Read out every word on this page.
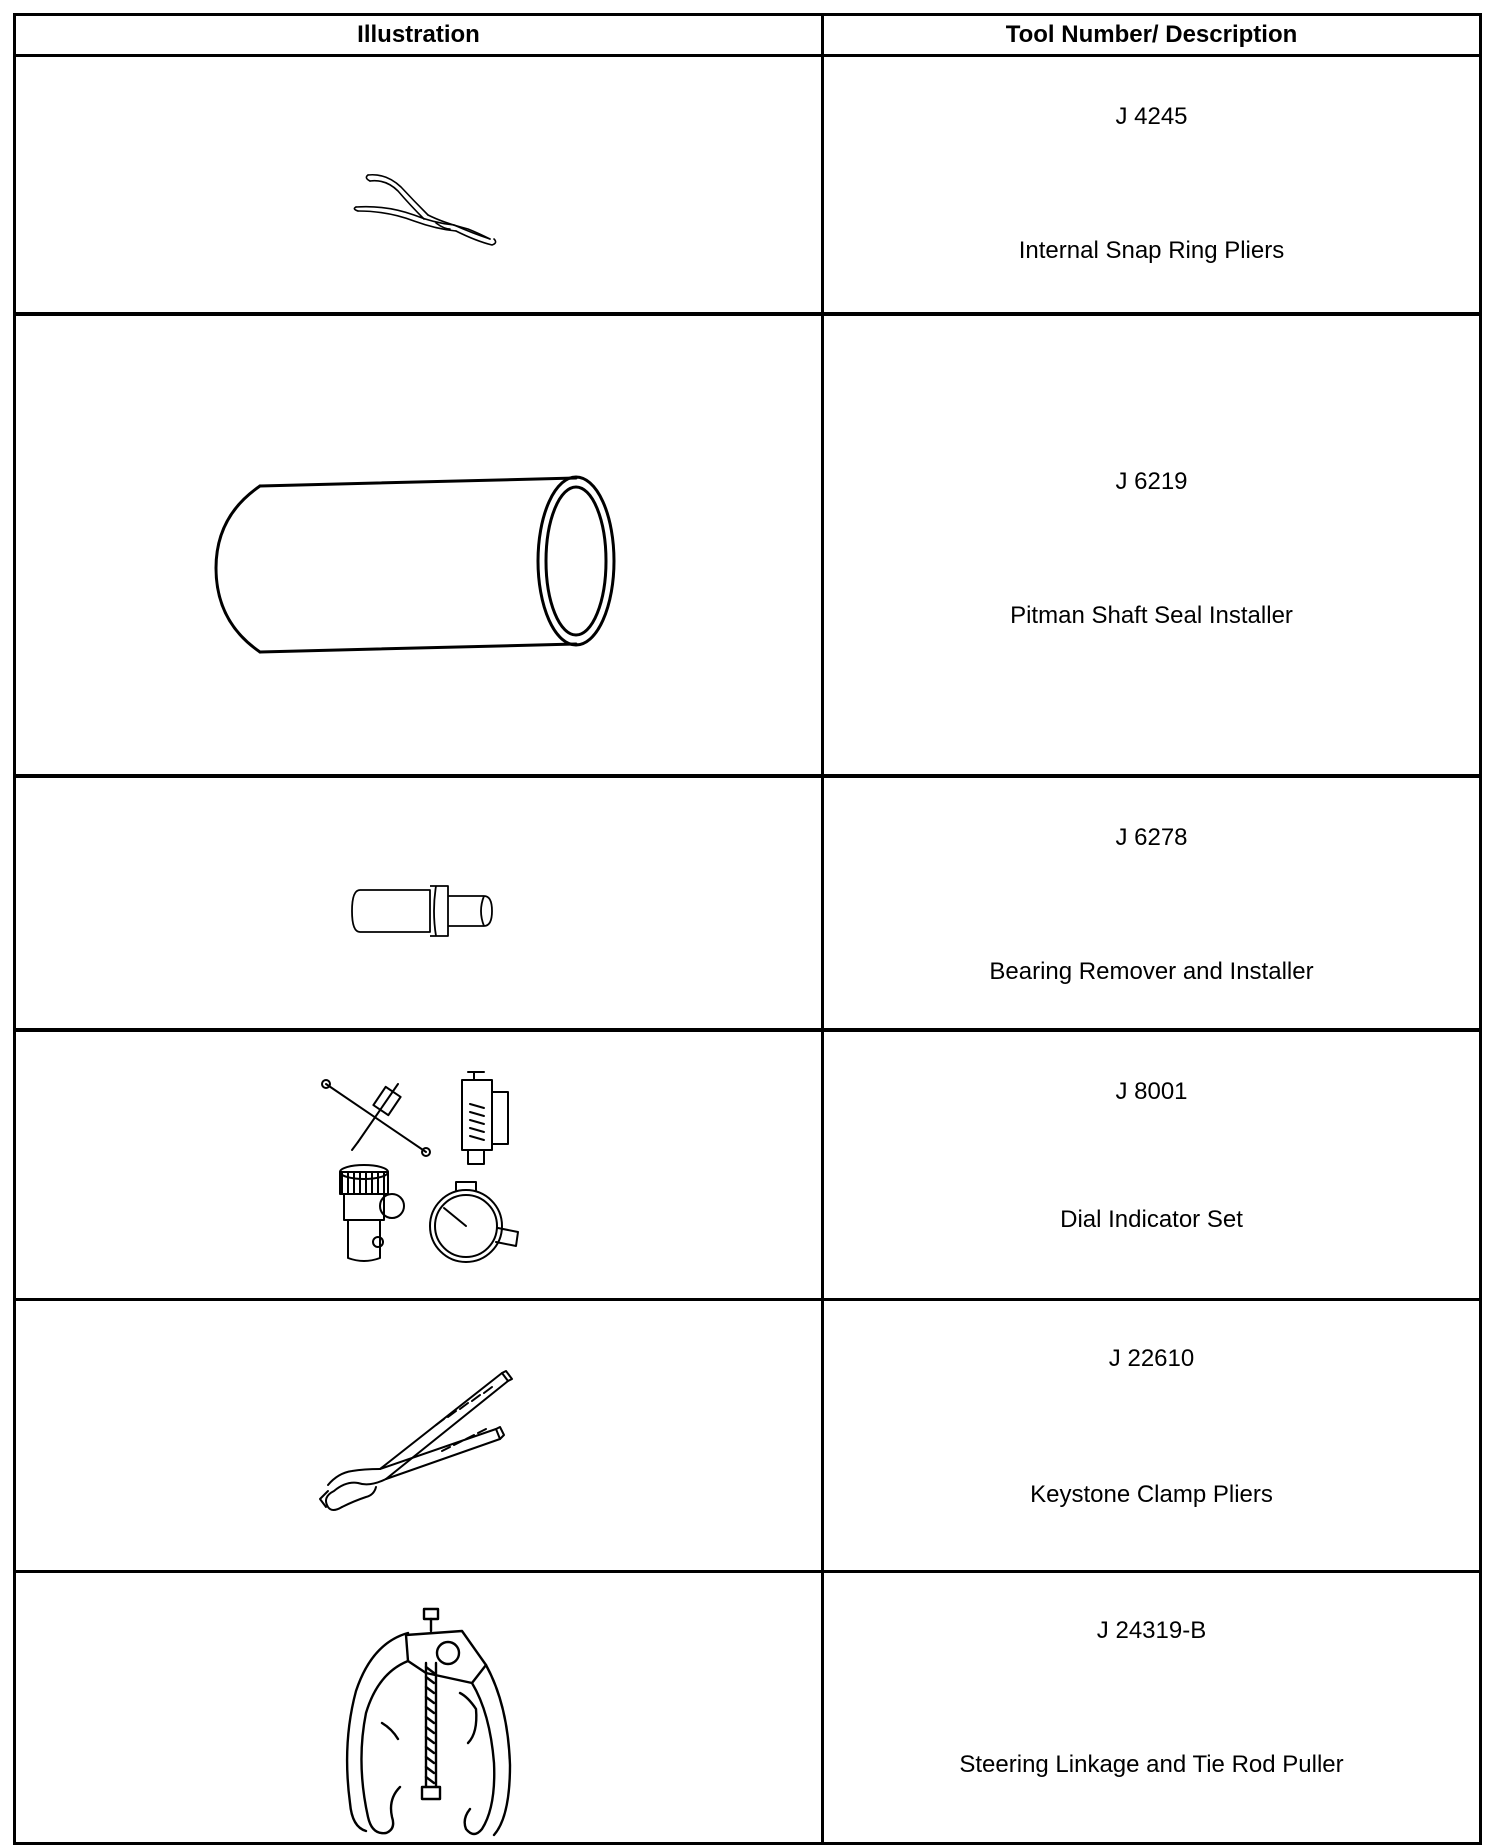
Illustration	Tool Number/ Description

J 4245
Internal Snap Ring Pliers

J 6219
Pitman Shaft Seal Installer

J 6278
Bearing Remover and Installer

J 8001
Dial Indicator Set

J 22610
Keystone Clamp Pliers

J 24319-B
Steering Linkage and Tie Rod Puller
